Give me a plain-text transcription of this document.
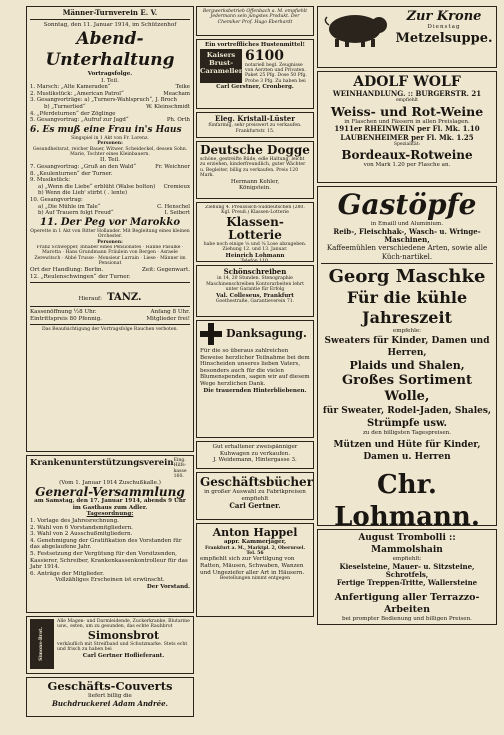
Männer-Turnverein E. V.
Sonntag, den 11. Januar 1914, im Schützenhof
Abend-Unterhaltung
Vortragsfolge.
I. Teil.
1. Marsch: „Alte Kameraden“	Teike
2. Mustikstück: „American Patrol“	Meacham
3. Gesangvorträge: a) „Turners-Wahlspruch“, J. Broch
b) „Turnerlied“	W. Kleinschmidt
4. „Pferdeturnen“ der Zöglinge
5. Gesangvortrag: „Aufruf zur Jagd“	Ph. Orth
6. Es muß eine Frau in's Haus
Singspiel in 1 Akt von Fr. Lorenz.
Personen:
Gesundheitsrat, reicher Bauer, Witwer. Scheideckel, dessen Sohn. Marie, Tochter eines Kleinbauern.
II. Teil.
7. Gesangvortrag: „Gruß an den Wald“	Fr. Weichner
8. „Keulenturnen“ der Turner.
9. Musikstück:
a) „Wenn die Liebe“ erblüht (Walse bolton) Cremieux
b) Wenn die Lieb' stirbt ( . lente)
10. Gesangvortrag:
a) „Die Mühle im Tale“	C. Henschel
b) Auf Trauern folgt Freud“	I. Seibert
11. Der Peg vor Marokko
Operette in 1 Akt von Ritter Hollander. Mit Begleitung eines kleinen Orchester.
Personen:
Franz Schwepper, Inhaber eines Pensionates · Hanne Pasulke · Marotta · Hans Grundmann Fräulein von Bergen · Asraele Zerewitsch · Abbé Trusse · Monsieur Larrain · Liese · Männer im Pensionat
Ort der Handlung: Berlin.	Zeit: Gegenwart.
12. „Reulenschwingen“ der Turner.
Hierauf: TANZ.
Kassenöffnung ½8 Uhr.	Anfang 8 Uhr.
Eintrittspreis 80 Pfennig.	Mitglieder frei!
Das Beaufsichtigung der Vortragsfolge Rauchen verboten.
Krankenunterstützungsverein Eing. Hilfs-kasse 160.
(Vom 1. Januar 1914 Zuschußkalle.)
General-Versammlung
am Samstag, den 17. Januar 1914, abends 9 Uhr im Gasthaus zum Adler.
Tagesordnung:
1. Vorlage des Jahresrechnung.
2. Wahl von 6 Vorstandsmitgliedern.
3. Wahl von 2 Ausschußmitgliedern.
4. Genehmigung der Gratifikation des Vorstanden für das abgelaufene Jahr.
5. Festsetzung der Vergütung für den Vorsitzenden, Kassierer, Schreiber, Krankenkassenkontrolleur für das Jahr 1914.
6. Anträge der Mitglieder.
Vollzähliges Erscheinen ist erwünscht.
Der Vorstand.
Simons-Brot.
Alle Magen- und Darmleidende, Zuckerkranke, Blutarme usw., esten, um zu gesunden, das echte Rauhbrot
Simonsbrot
verkäuflich mit Streifband und Schutzmarke. Stets echt und frisch zu haben bei
Carl Gertner Hoflieferant.
Geschäfts-Couverts
liefert billig die
Buchdruckerei Adam Andrée.
Bergwerksbetrieb Offenbach a. M. empfiehlt Jedermann sein jüngstes Produkt. Der Chemiker Prof. Hugo Eberhardt
Ein vortreffliches Hustenmittel!
Kaisers Brust-Caramellen
6100
notariell begl. Zeugnisse von Aerzten und Privaten. Paket 25 Pfg. Dose 50 Pfg. Probe 3 Pfg. Zu haben bei
Carl Gerstner, Cronberg.
Eleg. Kristall-Lüster
fünfarmig, sehr preiswert zu verkaufen. Frankfurtstr. 15.
Deutsche Dogge
schöne, gestreifte Rüde, edle Haltung, leicht zu erziehen, kinderfreundlich, guter Wächter u. Begleiter, billig zu verkaufen. Preis 120 Mark.
Hermann Kehler,
Königstein.
Ziehung 4. Preussisch-Süddeutschen (280. Kgl. Preuß.) Klassen-Lotterie
Klassen-Lotterie
habe noch einige ⅛ und ¼ Lose abzugeben. Ziehung 12. und 13. Januar.
Heinrich Lohmann
Telefon 110.
Schönschreiben
in 14, 20 Stunden. Stenographie Maschinenschreiben Kontorarbeiten lehrt unter Garantie für Erfolg
Val. Colleseus, Frankfurt
Goethestraße, Garantieverein 71.
Danksagung.
Für die so überaus zahlreichen Beweise herzlicher Teilnahme bei dem Hinscheiden unseres lieben Vaters, besonders auch für die vielen Blumenspenden, sagen wir auf diesem Wege herzlichen Dank.
Die trauernden Hinterbliebenen.
Gut erhaltener zweispänniger Kuhwagen zu verkaufen.
J. Weidemann, Hintergasse 3.
Geschäftsbücher
in großer Auswahl zu Fabrikpreisen empfiehlt
Carl Gertner.
Anton Happel
appr. Kammerjäger,
Frankfurt a. M., Marktpl. 2, Oberursel. Tel. 56
empfiehlt sich zur Vertilgung von Ratten, Mäusen, Schwaben, Wanzen und Ungeziefer aller Art in Häusern.
Bestellungen nimmt entgegen
Zur Krone
Dienstag
Metzelsuppe.
ADOLF WOLF
WEINHANDLUNG. :: BURGERSTR. 21
empfiehlt
Weiss- und Rot-Weine
in Flaschen und Fässern in allen Preislagen.
1911er RHEINWEIN per Fl. Mk. 1.10
LAUBENHEIMER per Fl. Mk. 1.25
Spezialität:
Bordeaux-Rotweine
von Mark 1.20 per Flasche an.
Gastöpfe
in Emaill und Aluminium.
Reib-, Fleischhak-, Wasch- u. Wringe-Maschinen,
Kaffeemühlen verschiedene Arten, sowie alle Küch-nartikel.
Georg Maschke
Für die kühle Jahreszeit
empfehle:
Sweaters für Kinder, Damen und Herren,
Plaids und Shalen,
Großes Sortiment Wolle,
für Sweater, Rodel-Jaden, Shales,
Strümpfe usw.
zu den billigsten Tagespreisen.
Mützen und Hüte für Kinder, Damen u. Herren
Chr. Lohmann.
August Trombolli :: Mammolshain
empfiehlt:
Kieselsteine, Mauer- u. Sitzsteine, Schrotfels,
Fertige Treppen-Tritte, Wallersteine
Anfertigung aller Terrazzo-Arbeiten
bei prompter Bedienung und billigen Preisen.
